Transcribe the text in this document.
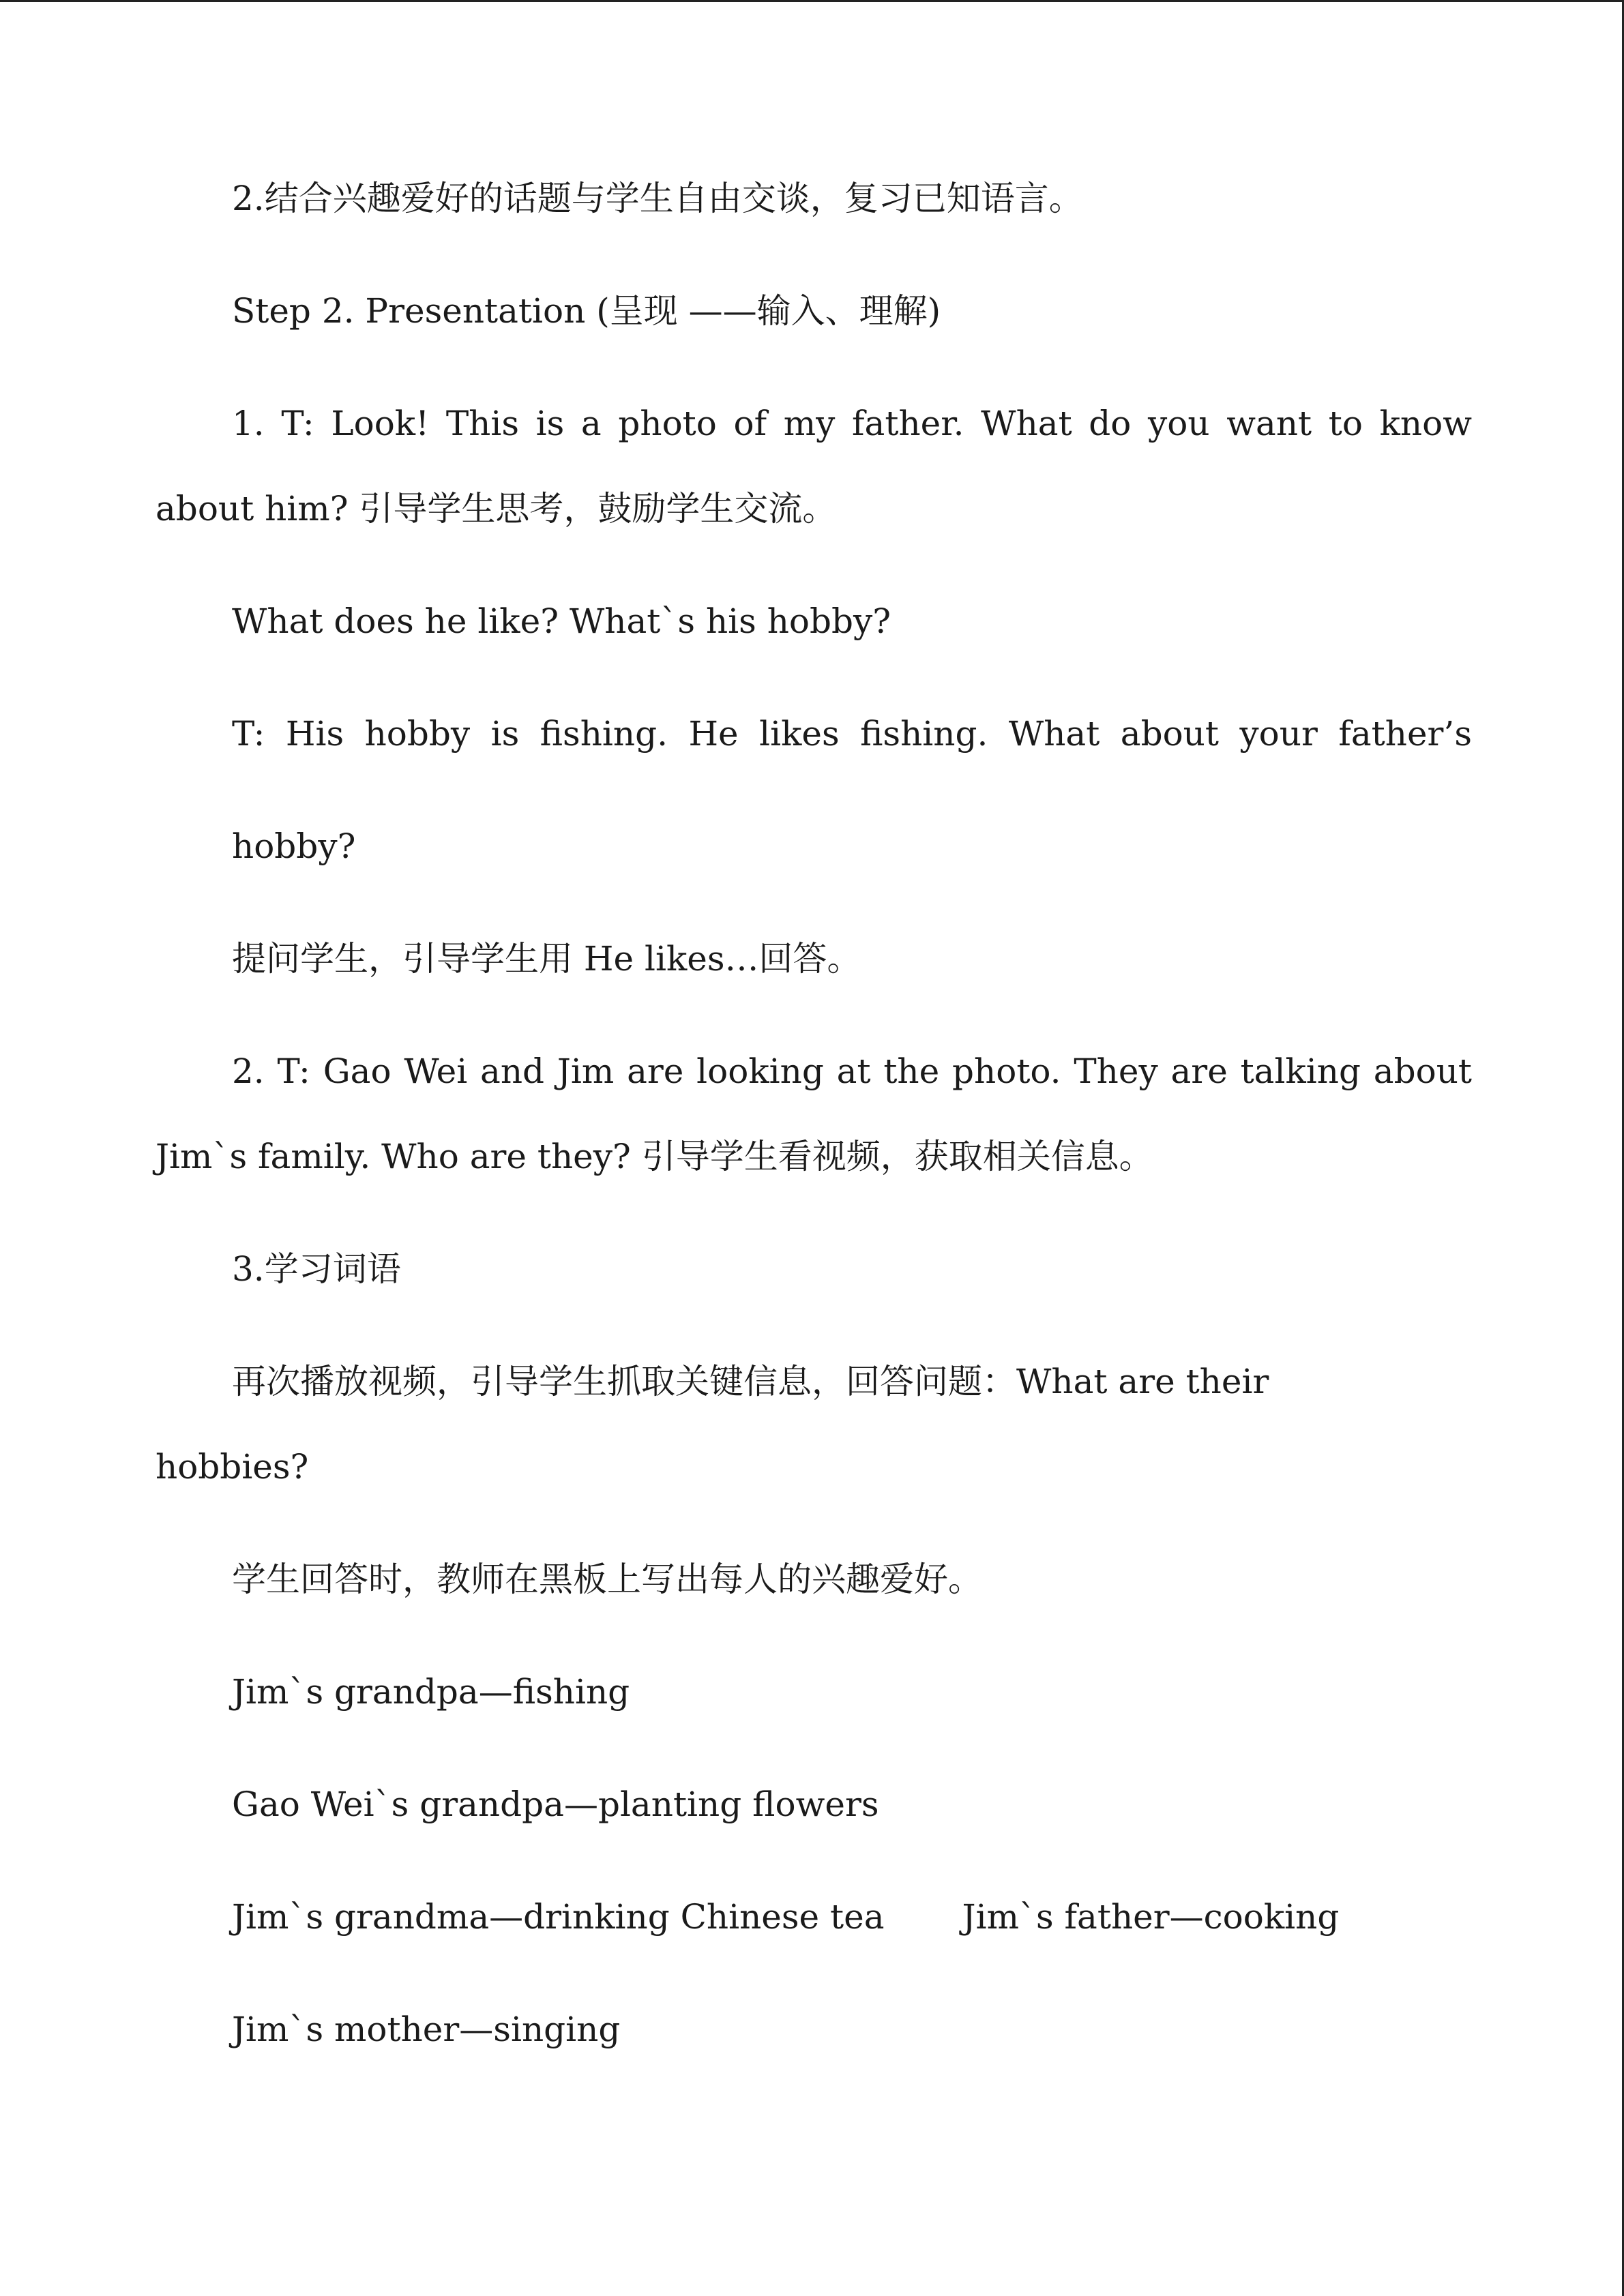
2.结合兴趣爱好的话题与学生自由交谈，复习已知语言。
Step 2. Presentation (呈现 ——输入、理解)
1. T: Look! This is a photo of my father. What do you want to know
about him? 引导学生思考，鼓励学生交流。
What does he like? What`s his hobby?
T: His hobby is fishing. He likes fishing. What about your father’s
hobby?
提问学生，引导学生用 He likes…回答。
2. T: Gao Wei and Jim are looking at the photo. They are talking about
Jim`s family. Who are they? 引导学生看视频，获取相关信息。
3.学习词语
再次播放视频，引导学生抓取关键信息，回答问题：What are their
hobbies?
学生回答时，教师在黑板上写出每人的兴趣爱好。
Jim`s grandpa—fishing
Gao Wei`s grandpa—planting flowers
Jim`s grandma—drinking Chinese tea Jim`s father—cooking
Jim`s mother—singing
